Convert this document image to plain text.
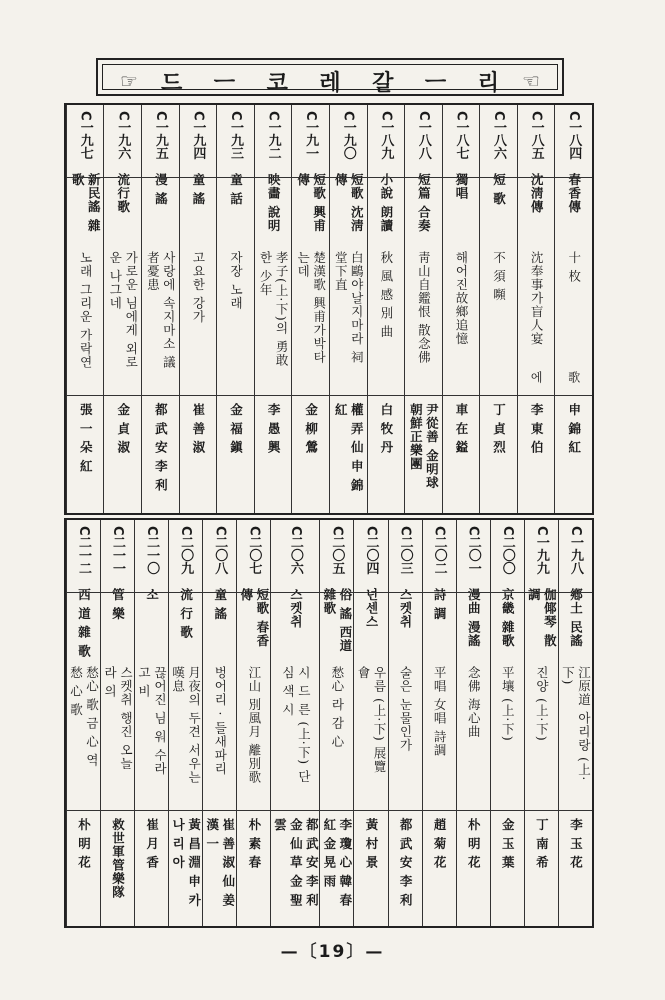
☞	드 ㅡ 코 레 갈 ㅡ 리	☜
C一八四
春香傳
十 枚
歌
申 錦 紅
C一八五
沈淸傳
沈奉事가盲人宴
에
李 東 伯
C一八六
短 歌
不 須 嚬
丁 貞 烈
C一八七
獨唱
해어진故鄉追憶
車 在 鎰
C一八八
短篇 合奏
靑山自鑑恨 散念佛
尹從善 金明球 朝鮮正樂團
C一八九
小說 朗讀
秋 風 感 別 曲
白 牧 丹
C一九〇
短歌 沈淸傳
白鷗야날지마라 祠堂下直
權 弄 仙 申 錦 紅
C一九一
短歌 興甫傳
楚漢歌 興甫가박타는데
金 柳 鶯
C一九二
映畵 說明
孝子(上·下)의 勇敢한 少年
李 愚 興
C一九三
童 話
자장 노래
金 福 鎭
C一九四
童 謠
고요한 강가
崔 善 淑
C一九五
漫 謠
사랑에 속지마소 議者憂患
都 武 安 李 利
C一九六
流行歌
가로운 님에게 외로운 나그네
金 貞 淑
C一九七
新民謠 雜歌
노래 그리운 가락연
張 一 朵 紅
C一九八
鄕土 民謠
江原道 아리랑 (上·下)
李 玉 花
C一九九
伽倻琴 散調
진양 (上·下)
丁 南 希
C二〇〇
京畿 雜歌
平壤 (上·下)
金 玉 葉
C二〇一
漫曲 漫謠
念佛 海心曲
朴 明 花
C二〇二
詩 調
平唱 女唱 詩調
趙 菊 花
C二〇三
스켓취
술은 눈물인가
都 武 安 李 利
C二〇四
넌센스
우름 (上·下) 展覽會
黃 村 景
C二〇五
俗 謠 西道雜歌
愁心 라 감 心
李 瓊 心 韓 春 紅 金 晃 雨
C二〇六
스켓취
시 드 른 (上·下) 단 심 색 시
都 武 安 李 利 金 仙 草 金 聖 雲
C二〇七
短歌 春香傳
江山 別風月 離別歌
朴 素 春
C二〇八
童 謠
벙어리 · 들새파리
崔 善 淑 仙 姜 漢 一
C二〇九
流 行 歌
月夜의 두견 서우는 嘆息
黃 昌 淵 申 카 나 리 아
C二一〇
소
끊어진 님 워 수라 고 비
崔 月 香
C二一一
管 樂
스켓취 행진 오늘 라 의
救世軍管樂隊
C二一二
西 道 雜 歌
愁心 歌 금 心 역 愁 心 歌
朴 明 花
—〔19〕—
